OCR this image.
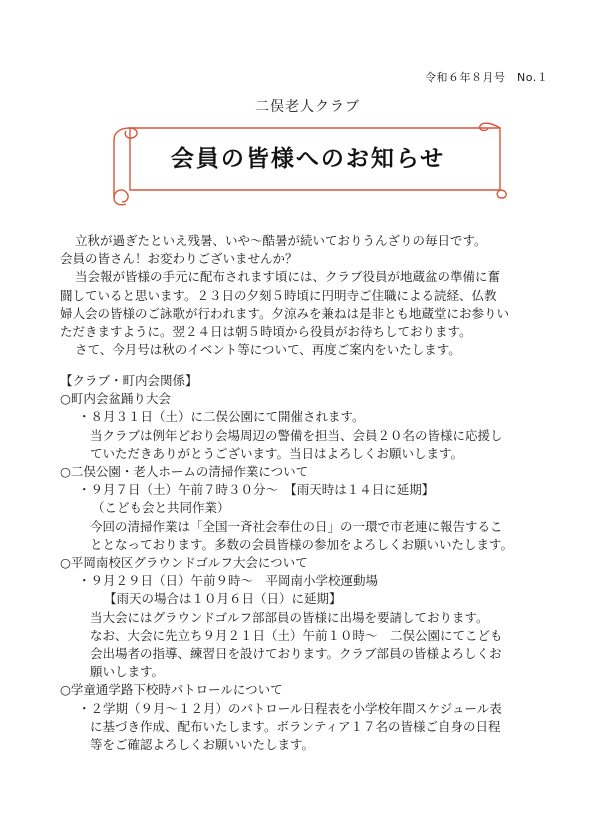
令和６年８月号　No.１
二俣老人クラブ
会員の皆様へのお知らせ
立秋が過ぎたといえ残暑、いや～酷暑が続いておりうんざりの毎日です。
会員の皆さん！お変わりございませんか？
当会報が皆様の手元に配布されます頃には、クラブ役員が地蔵盆の準備に奮
闘していると思います。２３日の夕刻５時頃に円明寺ご住職による読経、仏教
婦人会の皆様のご詠歌が行われます。夕涼みを兼ねは是非とも地蔵堂にお参りい
ただきますように。翌２４日は朝５時頃から役員がお待ちしております。
さて、今月号は秋のイベント等について、再度ご案内をいたします。
【クラブ・町内会関係】
○町内会盆踊り大会
・８月３１日（土）に二俣公園にて開催されます。
当クラブは例年どおり会場周辺の警備を担当、会員２０名の皆様に応援し
ていただきありがとうございます。当日はよろしくお願いします。
○二俣公園・老人ホームの清掃作業について
・９月７日（土）午前７時３０分～　【雨天時は１４日に延期】
（こども会と共同作業）
今回の清掃作業は「全国一斉社会奉仕の日」の一環で市老連に報告するこ
ととなっております。多数の会員皆様の参加をよろしくお願いいたします。
○平岡南校区グラウンドゴルフ大会について
・９月２９日（日）午前９時～　平岡南小学校運動場
【雨天の場合は１０月６日（日）に延期】
当大会にはグラウンドゴルフ部部員の皆様に出場を要請しております。
なお、大会に先立ち９月２１日（土）午前１０時～　二俣公園にてこども
会出場者の指導、練習日を設けております。クラブ部員の皆様よろしくお
願いします。
○学童通学路下校時パトロールについて
・２学期（９月～１２月）のパトロール日程表を小学校年間スケジュール表
に基づき作成、配布いたします。ボランティア１７名の皆様ご自身の日程
等をご確認よろしくお願いいたします。
